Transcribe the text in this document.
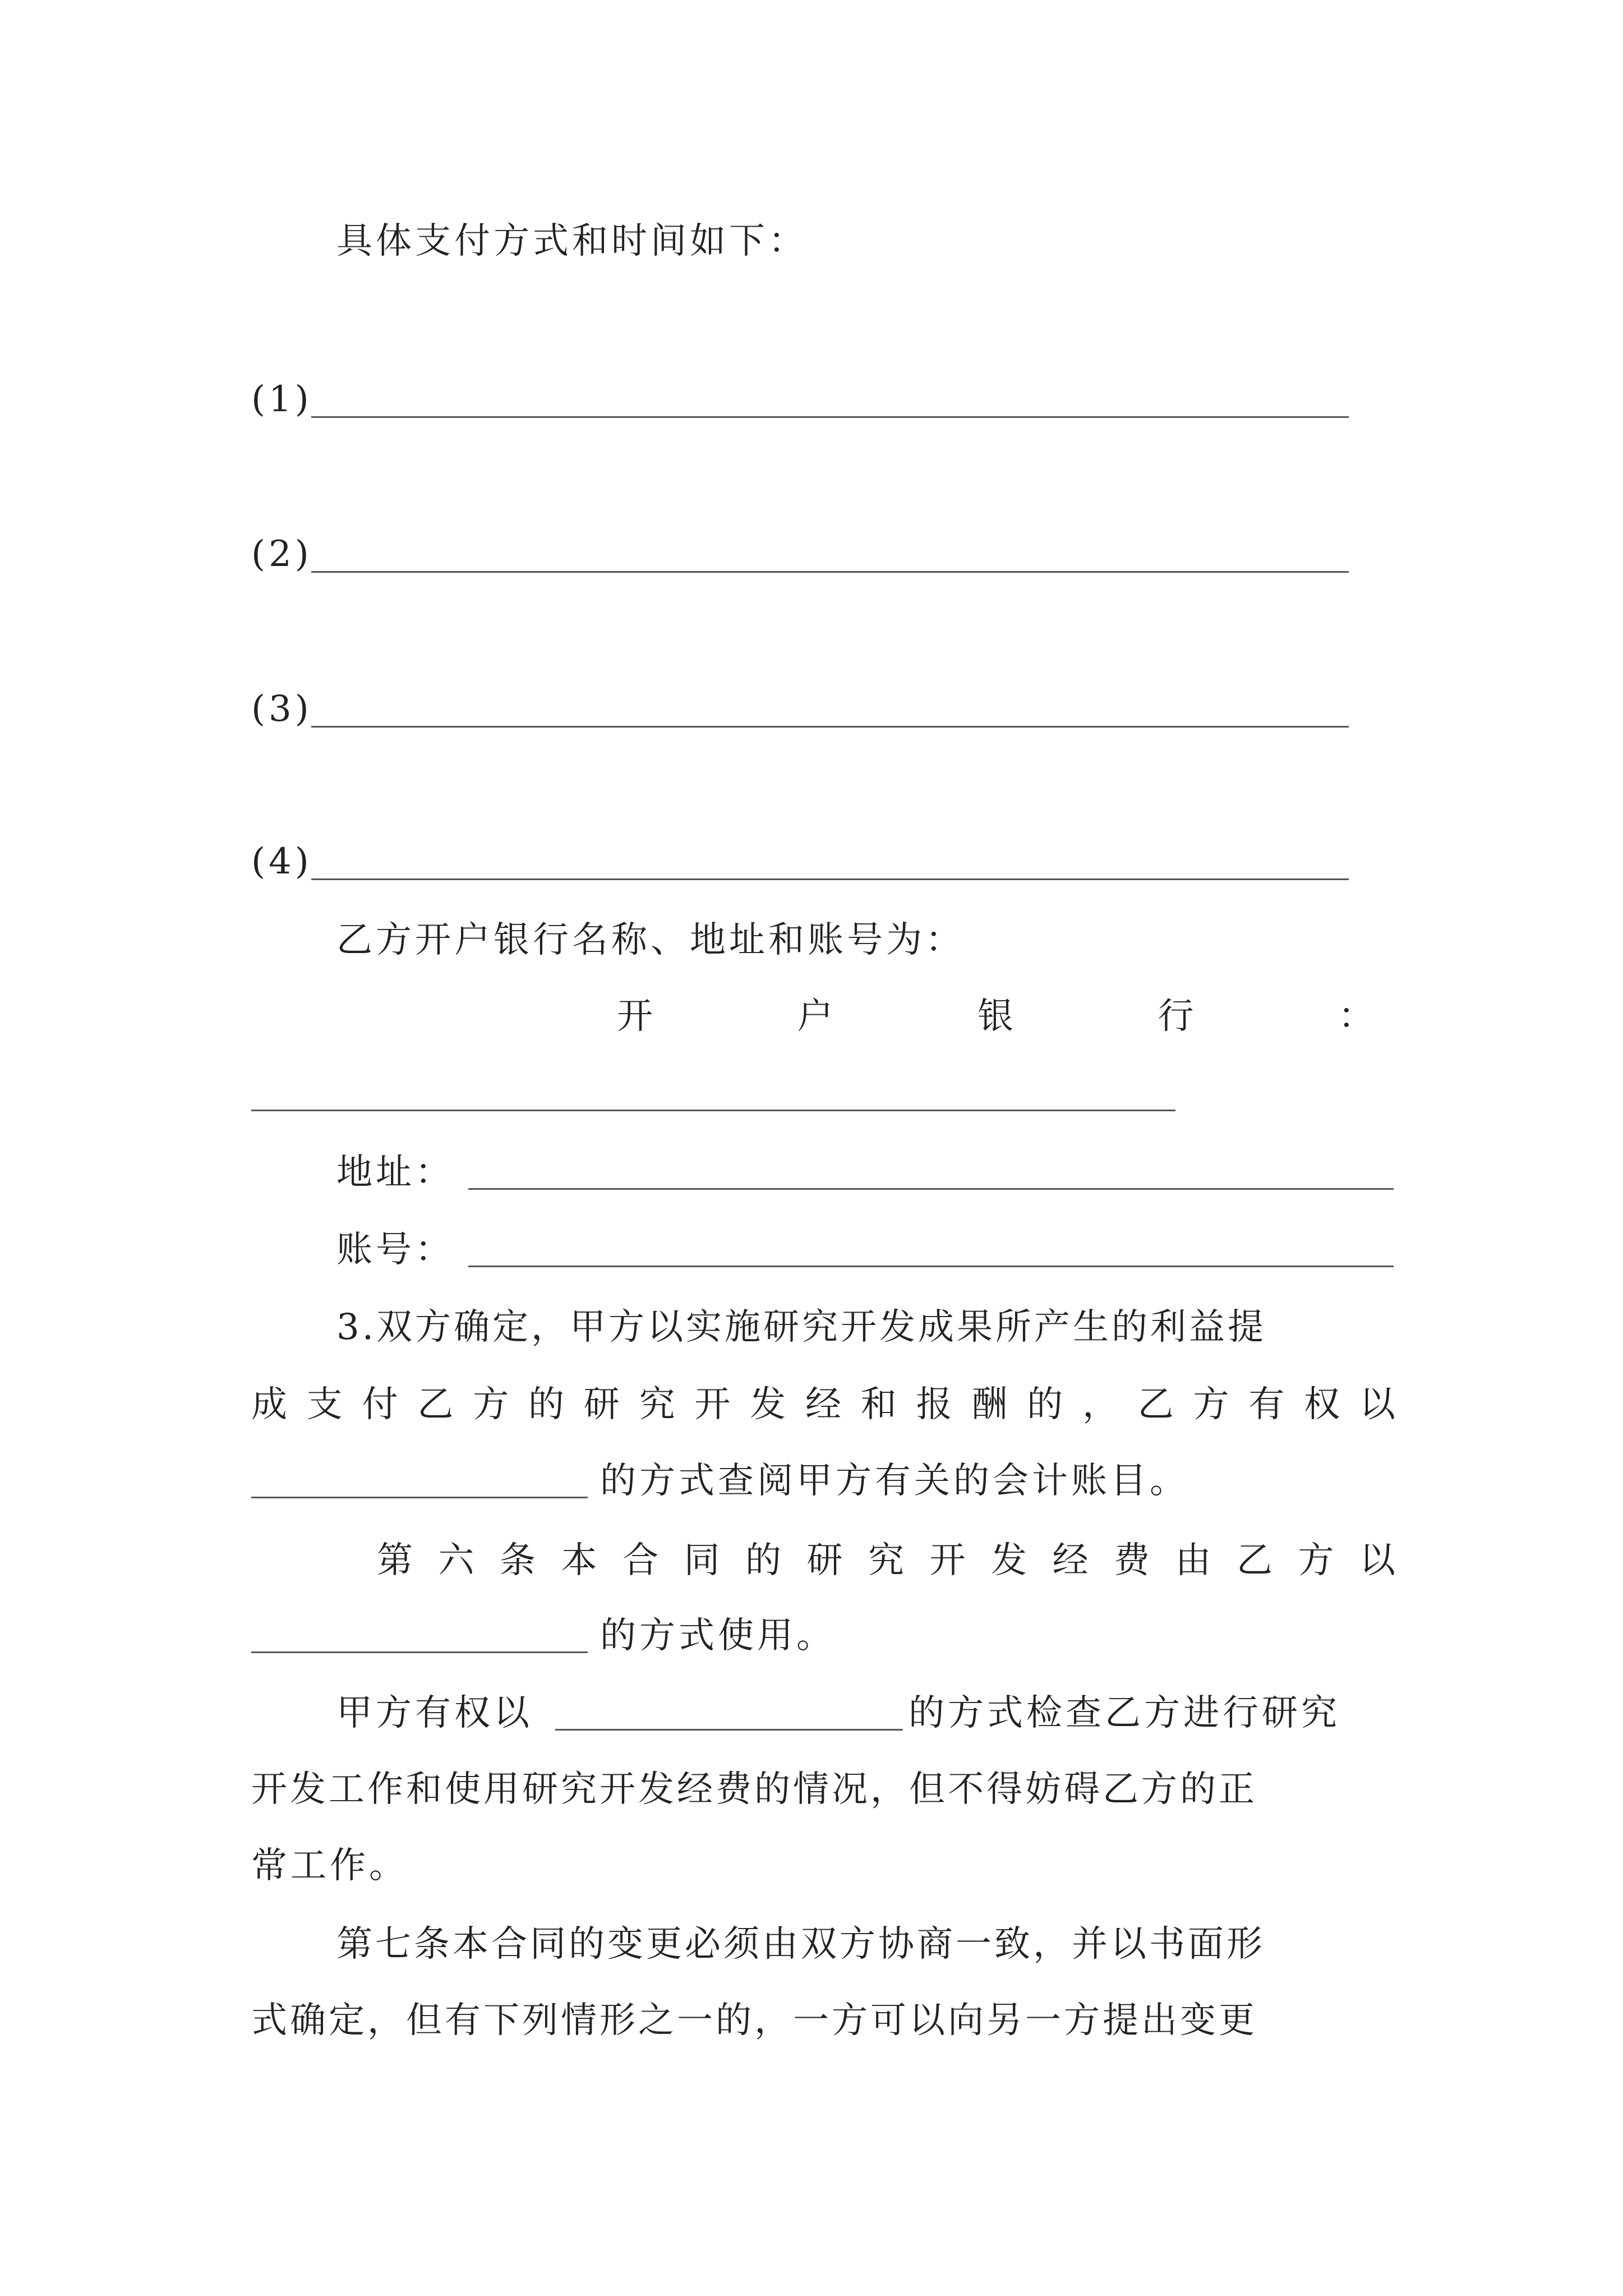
具体支付方式和时间如下：
(1)
(2)
(3)
(4)
乙方开户银行名称、地址和账号为：
开	户	银	行	：
地址：
账号：
3.双方确定，甲方以实施研究开发成果所产生的利益提
成 支 付 乙 方 的 研 究 开 发 经 和 报 酬 的 ， 乙 方 有 权 以
的方式查阅甲方有关的会计账目。
第 六 条 本 合 同 的 研 究 开 发 经 费 由 乙 方 以
的方式使用。
甲方有权以	的方式检查乙方进行研究
开发工作和使用研究开发经费的情况，但不得妨碍乙方的正
常工作。
第七条本合同的变更必须由双方协商一致，并以书面形
式确定，但有下列情形之一的，一方可以向另一方提出变更
